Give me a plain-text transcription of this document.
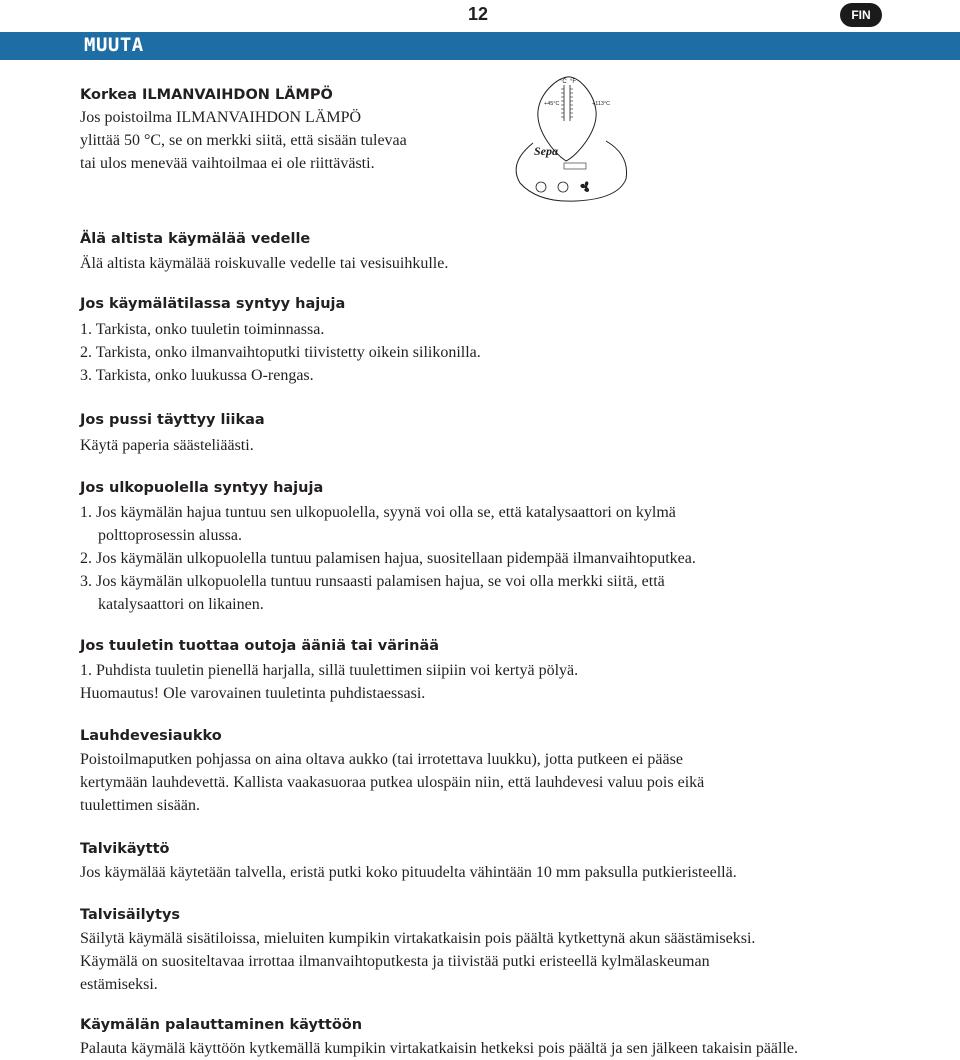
12	FIN
MUUTA
°C °F
+45°C	+113°C
Sepa
Korkea ILMANVAIHDON LÄMPÖ
Jos poistoilma ILMANVAIHDON LÄMPÖ
ylittää 50 °C, se on merkki siitä, että sisään tulevaa
tai ulos menevää vaihtoilmaa ei ole riittävästi.
Älä altista käymälää vedelle
Älä altista käymälää roiskuvalle vedelle tai vesisuihkulle.
Jos käymälätilassa syntyy hajuja
1. Tarkista, onko tuuletin toiminnassa.
2. Tarkista, onko ilmanvaihtoputki tiivistetty oikein silikonilla.
3. Tarkista, onko luukussa O-rengas.
Jos pussi täyttyy liikaa
Käytä paperia säästeliäästi.
Jos ulkopuolella syntyy hajuja
1. Jos käymälän hajua tuntuu sen ulkopuolella, syynä voi olla se, että katalysaattori on kylmä
polttoprosessin alussa.
2. Jos käymälän ulkopuolella tuntuu palamisen hajua, suositellaan pidempää ilmanvaihtoputkea.
3. Jos käymälän ulkopuolella tuntuu runsaasti palamisen hajua, se voi olla merkki siitä, että
katalysaattori on likainen.
Jos tuuletin tuottaa outoja ääniä tai värinää
1. Puhdista tuuletin pienellä harjalla, sillä tuulettimen siipiin voi kertyä pölyä.
Huomautus! Ole varovainen tuuletinta puhdistaessasi.
Lauhdevesiaukko
Poistoilmaputken pohjassa on aina oltava aukko (tai irrotettava luukku), jotta putkeen ei pääse
kertymään lauhdevettä. Kallista vaakasuoraa putkea ulospäin niin, että lauhdevesi valuu pois eikä
tuulettimen sisään.
Talvikäyttö
Jos käymälää käytetään talvella, eristä putki koko pituudelta vähintään 10 mm paksulla putkieristeellä.
Talvisäilytys
Säilytä käymälä sisätiloissa, mieluiten kumpikin virtakatkaisin pois päältä kytkettynä akun säästämiseksi.
Käymälä on suositeltavaa irrottaa ilmanvaihtoputkesta ja tiivistää putki eristeellä kylmälaskeuman
estämiseksi.
Käymälän palauttaminen käyttöön
Palauta käymälä käyttöön kytkemällä kumpikin virtakatkaisin hetkeksi pois päältä ja sen jälkeen takaisin päälle.
